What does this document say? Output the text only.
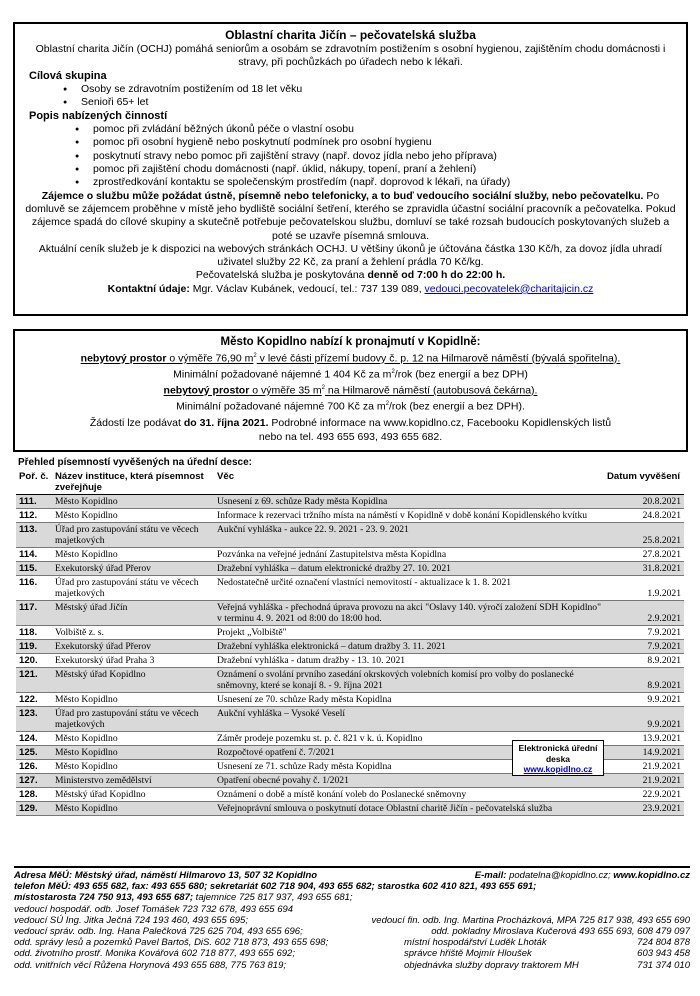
Oblastní charita Jičín – pečovatelská služba
Oblastní charita Jičín (OCHJ) pomáhá seniorům a osobám se zdravotním postižením s osobní hygienou, zajištěním chodu domácnosti i stravy, při pochůzkách po úřadech nebo k lékaři.
Cílová skupina
● Osoby se zdravotním postižením od 18 let věku
● Senioři 65+ let
Popis nabízených činností
● pomoc při zvládání běžných úkonů péče o vlastní osobu
● pomoc při osobní hygieně nebo poskytnutí podmínek pro osobní hygienu
● poskytnutí stravy nebo pomoc při zajištění stravy (např. dovoz jídla nebo jeho příprava)
● pomoc při zajištění chodu domácnosti (např. úklid, nákupy, topení, praní a žehlení)
● zprostředkování kontaktu se společenským prostředím (např. doprovod k lékaři, na úřady)
Zájemce o službu může požádat ústně, písemně nebo telefonicky, a to buď vedoucího sociální služby, nebo pečovatelku. Po domluvě se zájemcem proběhne v místě jeho bydliště sociální šetření, kterého se zpravidla účastní sociální pracovník a pečovatelka. Pokud zájemce spadá do cílové skupiny a skutečně potřebuje pečovatelskou službu, domluví se také rozsah budoucích poskytovaných služeb a poté se uzavře písemná smlouva.
Aktuální ceník služeb je k dispozici na webových stránkách OCHJ. U většiny úkonů je účtována částka 130 Kč/h, za dovoz jídla uhradí uživatel služby 22 Kč, za praní a žehlení prádla 70 Kč/kg.
Pečovatelská služba je poskytována denně od 7:00 h do 22:00 h.
Kontaktní údaje: Mgr. Václav Kubánek, vedoucí, tel.: 737 139 089, vedouci.pecovatelek@charitajicin.cz
Město Kopidlno nabízí k pronajmutí v Kopidlně:
nebytový prostor o výměře 76,90 $m^2$ v levé části přízemí budovy č. p. 12 na Hilmarově náměstí (bývalá spořitelna).
Minimální požadované nájemné 1 404 Kč za $m^2$/rok (bez energií a bez DPH)
nebytový prostor o výměře 35 $m^2$ na Hilmarově náměstí (autobusová čekárna).
Minimální požadované nájemné 700 Kč za $m^2$/rok (bez energií a bez DPH).
Žádosti lze podávat do 31. října 2021. Podrobné informace na www.kopidlno.cz, Facebooku Kopidlenských listů nebo na tel. 493 655 693, 493 655 682.
Přehled písemností vyvěšených na úřední desce:
Poř. č.	Název instituce, která písemnost zveřejňuje	Věc	Datum vyvěšení
111.	Město Kopidlno	Usnesení z 69. schůze Rady města Kopidlna	20.8.2021
112.	Město Kopidlno	Informace k rezervaci tržního místa na náměstí v Kopidlně v době konání Kopidlenského kvítku	24.8.2021
113.	Úřad pro zastupování státu ve věcech majetkových	Aukční vyhláška - aukce 22. 9. 2021 - 23. 9. 2021	25.8.2021
114.	Město Kopidlno	Pozvánka na veřejné jednání Zastupitelstva města Kopidlna	27.8.2021
115.	Exekutorský úřad Přerov	Dražební vyhláška – datum elektronické dražby 27. 10. 2021	31.8.2021
116.	Úřad pro zastupování státu ve věcech majetkových	Nedostatečně určité označení vlastníci nemovitostí - aktualizace k 1. 8. 2021	1.9.2021
117.	Městský úřad Jičín	Veřejná vyhláška - přechodná úprava provozu na akci "Oslavy 140. výročí založení SDH Kopidlno" v terminu 4. 9. 2021 od 8:00 do 18:00 hod.	2.9.2021
118.	Volbiště z. s.	Projekt „Volbiště"	7.9.2021
119.	Exekutorský úřad Přerov	Dražební vyhláška elektronická – datum dražby 3. 11. 2021	7.9.2021
120.	Exekutorský úřad Praha 3	Dražební vyhláška - datum dražby - 13. 10. 2021	8.9.2021
121.	Městský úřad Kopidlno	Oznámení o svolání prvního zasedání okrskových volebních komisí pro volby do poslanecké sněmovny, které se konají 8. - 9. října 2021	8.9.2021
122.	Město Kopidlno	Usnesení ze 70. schůze Rady města Kopidlna	9.9.2021
123.	Úřad pro zastupování státu ve věcech majetkových	Aukční vyhláška – Vysoké Veselí	9.9.2021
124.	Město Kopidlno	Záměr prodeje pozemku st. p. č. 821 v k. ú. Kopidlno	13.9.2021
125.	Město Kopidlno	Rozpočtové opatření č. 7/2021	14.9.2021
126.	Město Kopidlno	Usnesení ze 71. schůze Rady města Kopidlna	21.9.2021
127.	Ministerstvo zemědělství	Opatření obecné povahy č. 1/2021	21.9.2021
128.	Městský úřad Kopidlno	Oznámení o době a místě konání voleb do Poslanecké sněmovny	22.9.2021
129.	Město Kopidlno	Veřejnoprávní smlouva o poskytnutí dotace Oblastní charitě Jičín - pečovatelská služba	23.9.2021
Elektronická úřední deska
www.kopidlno.cz
Adresa MěÚ: Městský úřad, náměstí Hilmarovo 13, 507 32 Kopidlno	E-mail: podatelna@kopidlno.cz; www.kopidlno.cz
telefon MěÚ: 493 655 682, fax: 493 655 680; sekretariát 602 718 904, 493 655 682; starostka 602 410 821, 493 655 691;
místostarosta 724 750 913, 493 655 687; tajemnice 725 817 937, 493 655 681;
vedoucí hospodář. odb. Josef Tomášek 723 732 678, 493 655 694
vedoucí SÚ Ing. Jitka Ječná 724 193 460, 493 655 695;	vedoucí fin. odb. Ing. Martina Procházková, MPA 725 817 938, 493 655 690
vedoucí správ. odb. Ing. Hana Palečková 725 625 704, 493 655 696;	odd. pokladny Miroslava Kučerová 493 655 693, 608 479 097
odd. správy lesů a pozemků Pavel Bartoš, DiS. 602 718 873, 493 655 698;	místní hospodářství Luděk Lhoták	724 804 878
odd. životního prostř. Monika Kovářová 602 718 877, 493 655 692;	správce hřiště Mojmír Hloušek	603 943 458
odd. vnitřních věcí Růžena Horynová 493 655 688, 775 763 819;	objednávka služby dopravy traktorem MH	731 374 010
